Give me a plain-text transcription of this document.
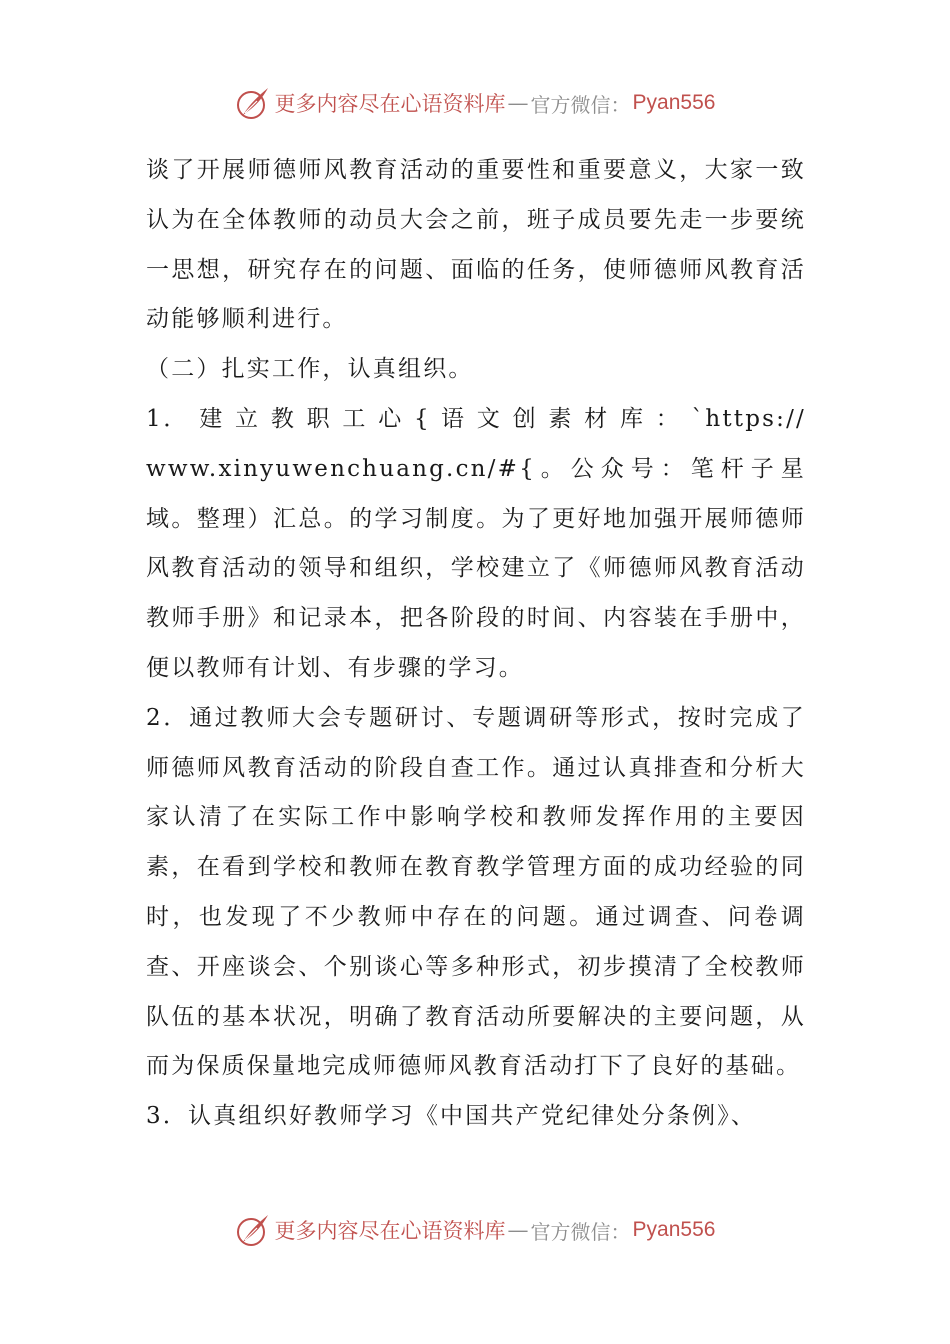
更多内容尽在心语资料库 — 官方微信： Pyan556

谈了开展师德师风教育活动的重要性和重要意义，大家一致认为在全体教师的动员大会之前，班子成员要先走一步要统一思想，研究存在的问题、面临的任务，使师德师风教育活动能够顺利进行。

（二）扎实工作，认真组织。

1． 建 立 教 职 工 心 { 语 文 创 素 材 库 ： `https://

www.xinyuwenchuang.cn/#{。公众号：笔杆子星域。整理）汇总。的学习制度。为了更好地加强开展师德师风教育活动的领导和组织，学校建立了《师德师风教育活动教师手册》和记录本，把各阶段的时间、内容装在手册中，便以教师有计划、有步骤的学习。

2．通过教师大会专题研讨、专题调研等形式，按时完成了师德师风教育活动的阶段自查工作。通过认真排查和分析大家认清了在实际工作中影响学校和教师发挥作用的主要因素，在看到学校和教师在教育教学管理方面的成功经验的同时，也发现了不少教师中存在的问题。通过调查、问卷调查、开座谈会、个别谈心等多种形式，初步摸清了全校教师队伍的基本状况，明确了教育活动所要解决的主要问题，从而为保质保量地完成师德师风教育活动打下了良好的基础。

3．认真组织好教师学习《中国共产党纪律处分条例》、

更多内容尽在心语资料库 — 官方微信： Pyan556
